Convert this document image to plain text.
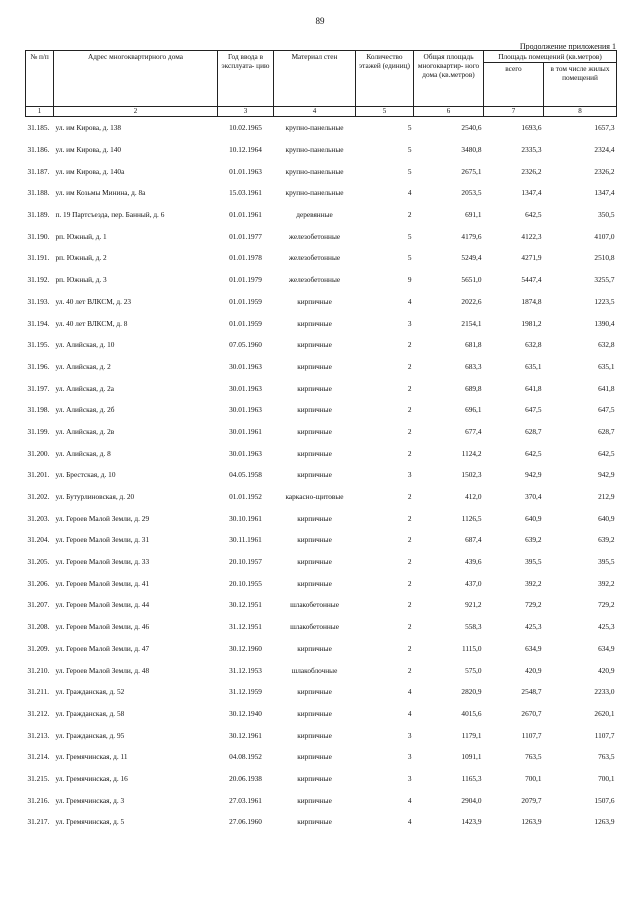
89
Продолжение приложения 1
№ п/п	Адрес многоквартирного дома	Год ввода в эксплуата- цию	Материал стен	Количество этажей (единиц)	Общая площадь многоквартир- ного дома (кв.метров)	Площадь помещений (кв.метров)	
						всего	в том числе жилых помещений
1	2	3	4	5	6	7	8
31.185.	ул. им Кирова, д. 138	10.02.1965	крупно-панельные	5	2540,6	1693,6	1657,3
31.186.	ул. им Кирова, д. 140	10.12.1964	крупно-панельные	5	3480,8	2335,3	2324,4
31.187.	ул. им Кирова, д. 140а	01.01.1963	крупно-панельные	5	2675,1	2326,2	2326,2
31.188.	ул. им Козьмы Минина, д. 8а	15.03.1961	крупно-панельные	4	2053,5	1347,4	1347,4
31.189.	п. 19 Партсъезда, пер. Банный, д. 6	01.01.1961	деревянные	2	691,1	642,5	350,5
31.190.	рп. Южный, д. 1	01.01.1977	железобетонные	5	4179,6	4122,3	4107,0
31.191.	рп. Южный, д. 2	01.01.1978	железобетонные	5	5249,4	4271,9	2510,8
31.192.	рп. Южный, д. 3	01.01.1979	железобетонные	9	5651,0	5447,4	3255,7
31.193.	ул. 40 лет ВЛКСМ, д. 23	01.01.1959	кирпичные	4	2022,6	1874,8	1223,5
31.194.	ул. 40 лет ВЛКСМ, д. 8	01.01.1959	кирпичные	3	2154,1	1981,2	1390,4
31.195.	ул. Алийская, д. 10	07.05.1960	кирпичные	2	681,8	632,8	632,8
31.196.	ул. Алийская, д. 2	30.01.1963	кирпичные	2	683,3	635,1	635,1
31.197.	ул. Алийская, д. 2а	30.01.1963	кирпичные	2	689,8	641,8	641,8
31.198.	ул. Алийская, д. 2б	30.01.1963	кирпичные	2	696,1	647,5	647,5
31.199.	ул. Алийская, д. 2в	30.01.1961	кирпичные	2	677,4	628,7	628,7
31.200.	ул. Алийская, д. 8	30.01.1963	кирпичные	2	1124,2	642,5	642,5
31.201.	ул. Брестская, д. 10	04.05.1958	кирпичные	3	1502,3	942,9	942,9
31.202.	ул. Бутурлиновская, д. 20	01.01.1952	каркасно-щитовые	2	412,0	370,4	212,9
31.203.	ул. Героев Малой Земли, д. 29	30.10.1961	кирпичные	2	1126,5	640,9	640,9
31.204.	ул. Героев Малой Земли, д. 31	30.11.1961	кирпичные	2	687,4	639,2	639,2
31.205.	ул. Героев Малой Земли, д. 33	20.10.1957	кирпичные	2	439,6	395,5	395,5
31.206.	ул. Героев Малой Земли, д. 41	20.10.1955	кирпичные	2	437,0	392,2	392,2
31.207.	ул. Героев Малой Земли, д. 44	30.12.1951	шлакобетонные	2	921,2	729,2	729,2
31.208.	ул. Героев Малой Земли, д. 46	31.12.1951	шлакобетонные	2	558,3	425,3	425,3
31.209.	ул. Героев Малой Земли, д. 47	30.12.1960	кирпичные	2	1115,0	634,9	634,9
31.210.	ул. Героев Малой Земли, д. 48	31.12.1953	шлакоблочные	2	575,0	420,9	420,9
31.211.	ул. Гражданская, д. 52	31.12.1959	кирпичные	4	2820,9	2548,7	2233,0
31.212.	ул. Гражданская, д. 58	30.12.1940	кирпичные	4	4015,6	2670,7	2620,1
31.213.	ул. Гражданская, д. 95	30.12.1961	кирпичные	3	1179,1	1107,7	1107,7
31.214.	ул. Гремячинская, д. 11	04.08.1952	кирпичные	3	1091,1	763,5	763,5
31.215.	ул. Гремячинская, д. 16	20.06.1938	кирпичные	3	1165,3	700,1	700,1
31.216.	ул. Гремячинская, д. 3	27.03.1961	кирпичные	4	2904,0	2079,7	1507,6
31.217.	ул. Гремячинская, д. 5	27.06.1960	кирпичные	4	1423,9	1263,9	1263,9
